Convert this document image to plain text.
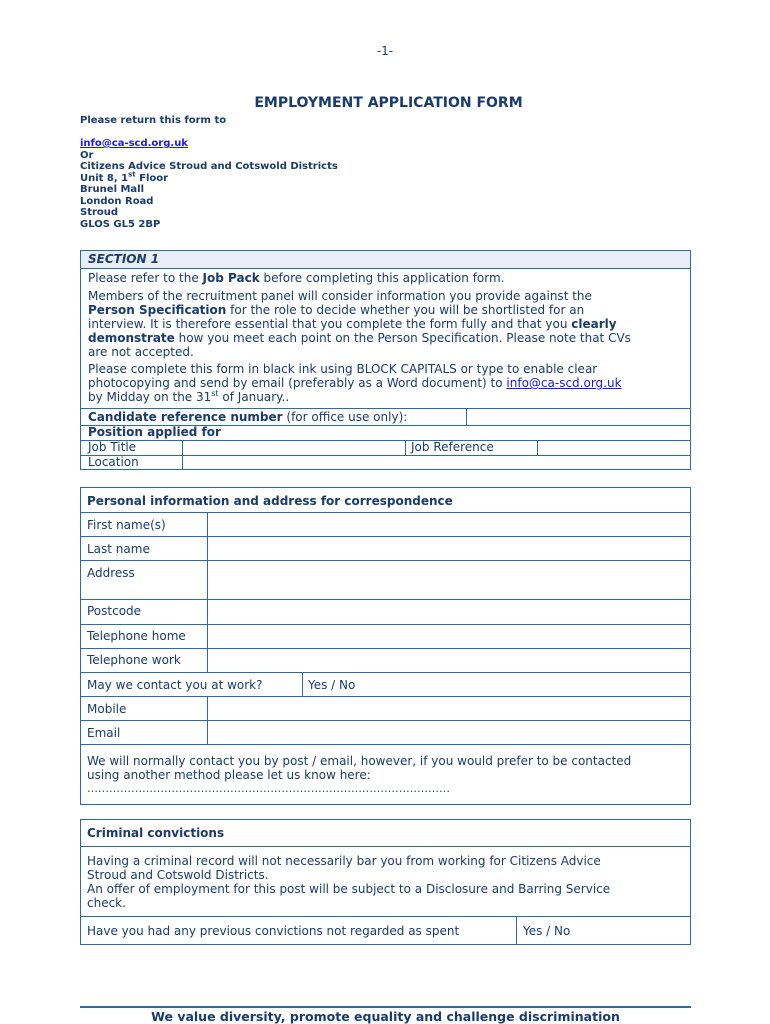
-1-
EMPLOYMENT APPLICATION FORM
Please return this form to
info@ca-scd.org.uk
Or
Citizens Advice Stroud and Cotswold Districts
Unit 8, 1st Floor
Brunel Mall
London Road
Stroud
GLOS GL5 2BP
SECTION 1
Please refer to the Job Pack before completing this application form.
Members of the recruitment panel will consider information you provide against the
Person Specification for the role to decide whether you will be shortlisted for an
interview. It is therefore essential that you complete the form fully and that you clearly
demonstrate how you meet each point on the Person Specification. Please note that CVs
are not accepted.
Please complete this form in black ink using BLOCK CAPITALS or type to enable clear
photocopying and send by email (preferably as a Word document) to info@ca-scd.org.uk
by Midday on the 31st of January..
Candidate reference number (for office use only):
Position applied for
Job Title	Job Reference
Location
Personal information and address for correspondence
First name(s)
Last name
Address
Postcode
Telephone home
Telephone work
May we contact you at work?	Yes / No
Mobile
Email
We will normally contact you by post / email, however, if you would prefer to be contacted
using another method please let us know here:
………………………………………………………………………………………
Criminal convictions
Having a criminal record will not necessarily bar you from working for Citizens Advice
Stroud and Cotswold Districts.
An offer of employment for this post will be subject to a Disclosure and Barring Service
check.
Have you had any previous convictions not regarded as spent	Yes / No
We value diversity, promote equality and challenge discrimination
